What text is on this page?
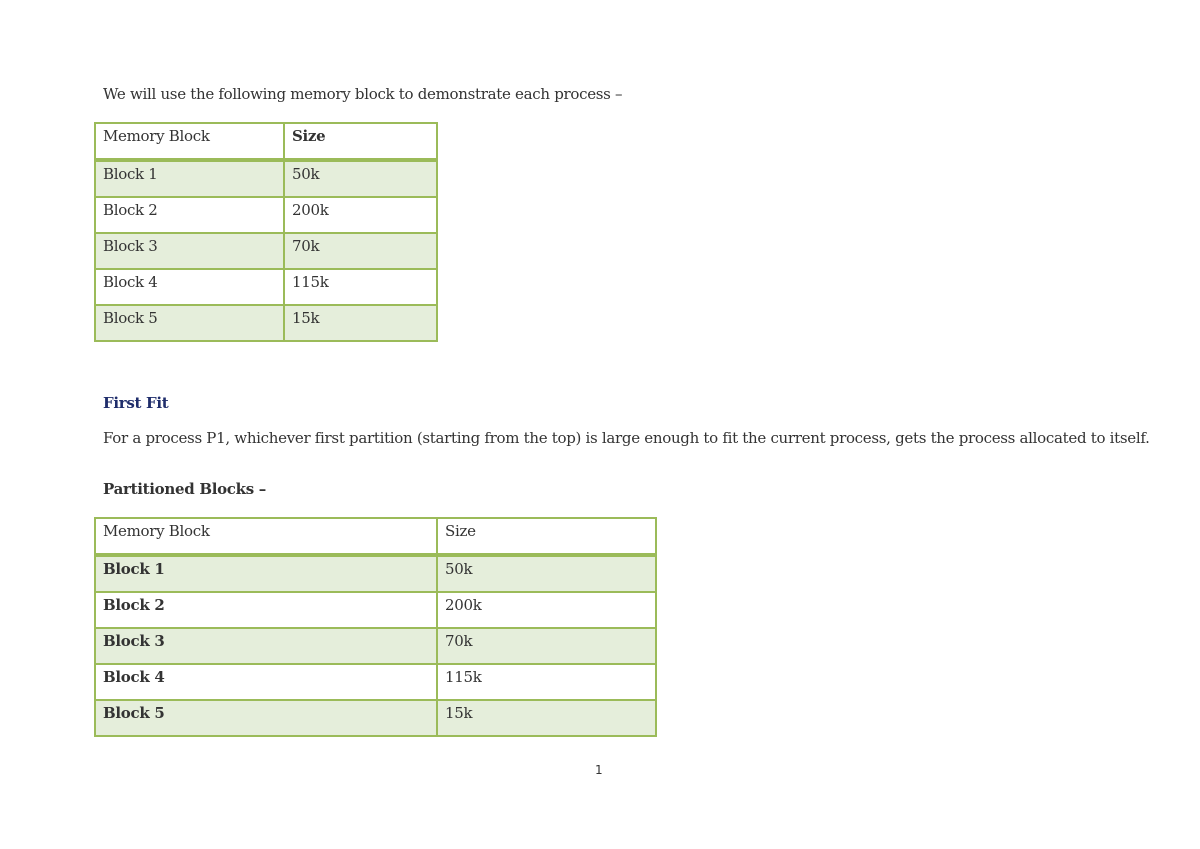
We will use the following memory block to demonstrate each process –
Memory Block	Size
Block 1	50k
Block 2	200k
Block 3	70k
Block 4	115k
Block 5	15k
First Fit
For a process P1, whichever first partition (starting from the top) is large enough to fit the current process, gets the process allocated to itself.
Partitioned Blocks –
Memory Block	Size
Block 1	50k
Block 2	200k
Block 3	70k
Block 4	115k
Block 5	15k
1
